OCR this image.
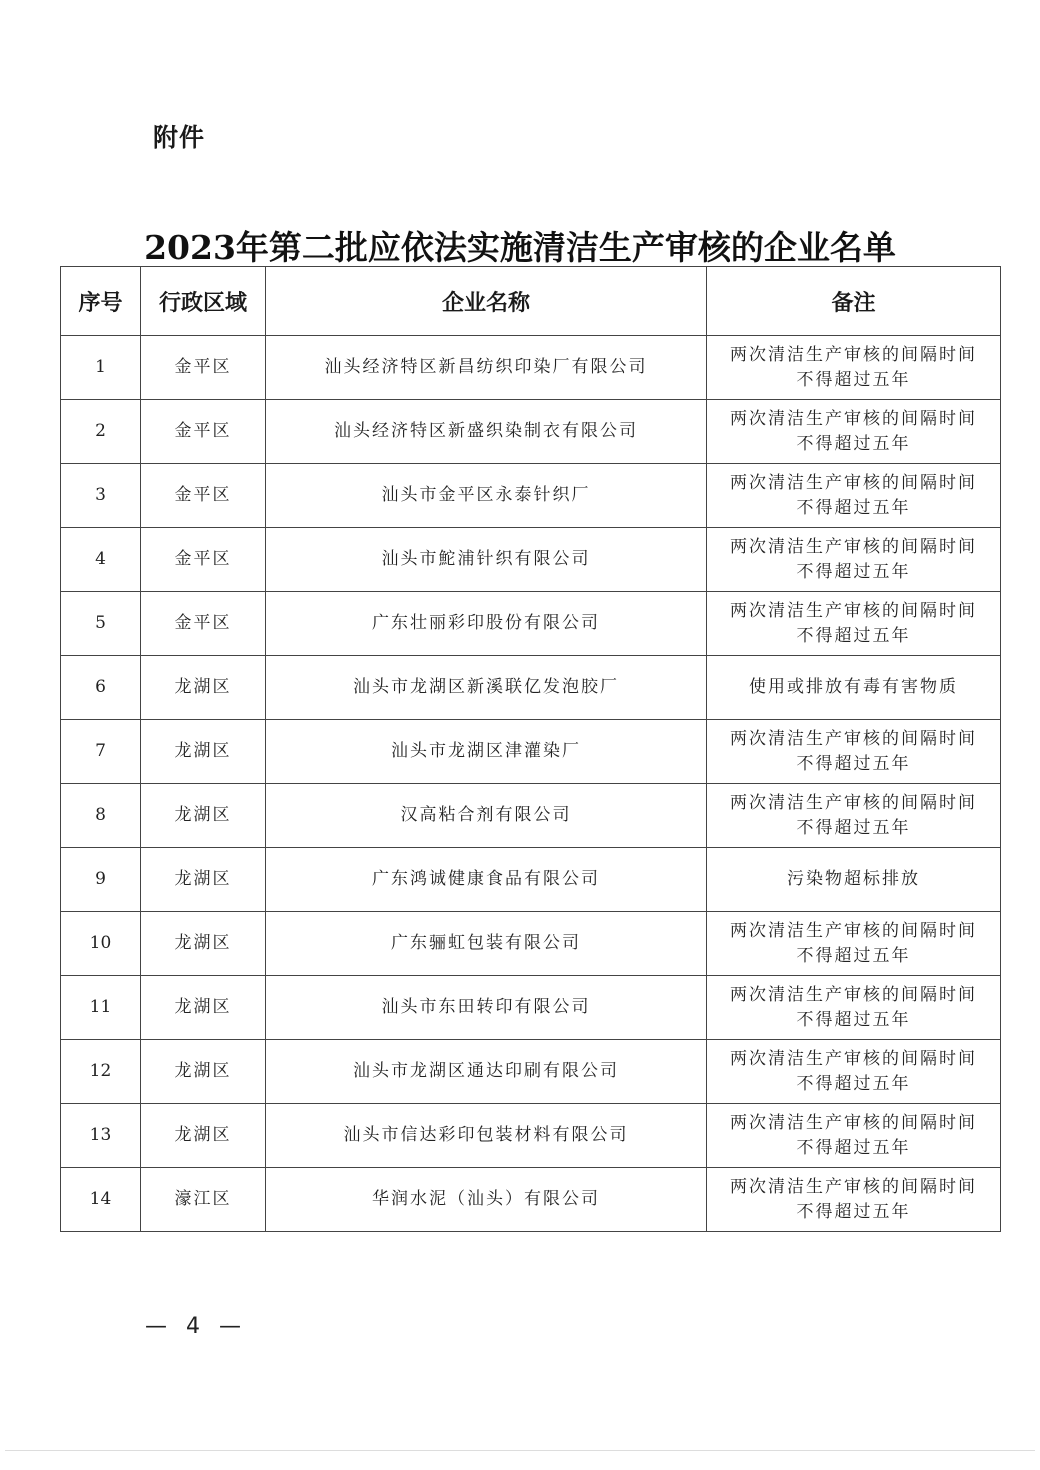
附件
2023年第二批应依法实施清洁生产审核的企业名单
序号	行政区域	企业名称	备注
1	金平区	汕头经济特区新昌纺织印染厂有限公司	两次清洁生产审核的间隔时间
不得超过五年

2	金平区	汕头经济特区新盛织染制衣有限公司	两次清洁生产审核的间隔时间
不得超过五年

3	金平区	汕头市金平区永泰针织厂	两次清洁生产审核的间隔时间
不得超过五年

4	金平区	汕头市鮀浦针织有限公司	两次清洁生产审核的间隔时间
不得超过五年

5	金平区	广东壮丽彩印股份有限公司	两次清洁生产审核的间隔时间
不得超过五年

6	龙湖区	汕头市龙湖区新溪联亿发泡胶厂	使用或排放有毒有害物质

7	龙湖区	汕头市龙湖区津灌染厂	两次清洁生产审核的间隔时间
不得超过五年

8	龙湖区	汉高粘合剂有限公司	两次清洁生产审核的间隔时间
不得超过五年

9	龙湖区	广东鸿诚健康食品有限公司	污染物超标排放

10	龙湖区	广东骊虹包装有限公司	两次清洁生产审核的间隔时间
不得超过五年

11	龙湖区	汕头市东田转印有限公司	两次清洁生产审核的间隔时间
不得超过五年

12	龙湖区	汕头市龙湖区通达印刷有限公司	两次清洁生产审核的间隔时间
不得超过五年

13	龙湖区	汕头市信达彩印包装材料有限公司	两次清洁生产审核的间隔时间
不得超过五年

14	濠江区	华润水泥（汕头）有限公司	两次清洁生产审核的间隔时间
不得超过五年
— 4 —
